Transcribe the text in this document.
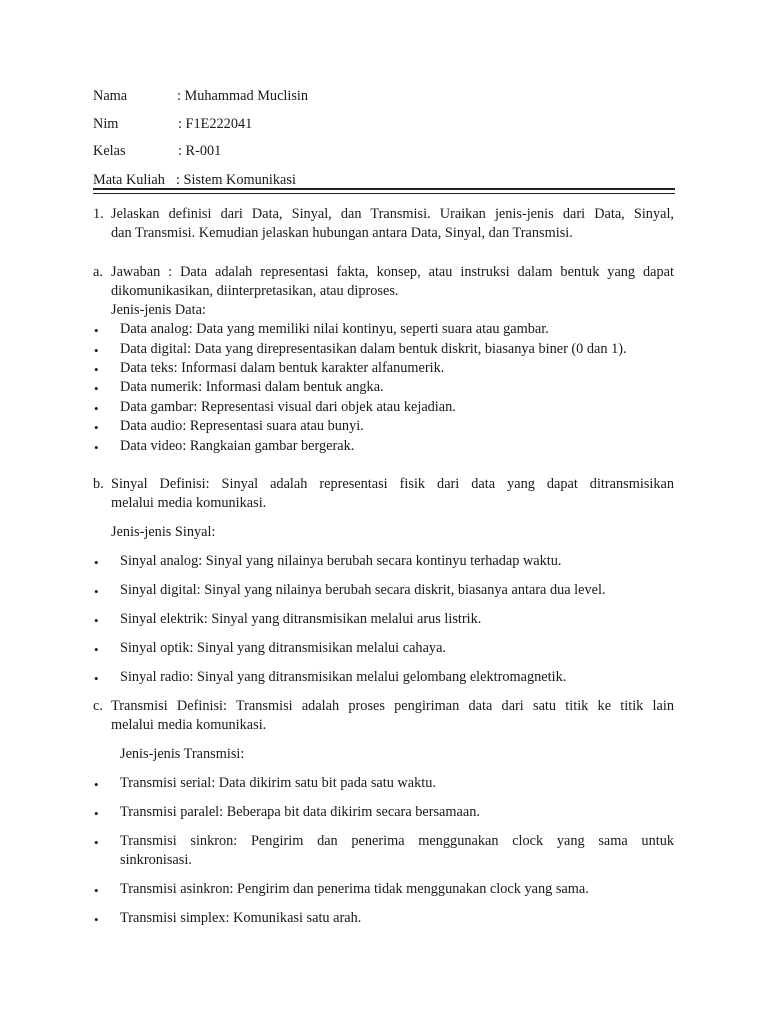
Nama	: Muhammad Muclisin
Nim	: F1E222041
Kelas	: R-001
Mata Kuliah : Sistem Komunikasi
1. Jelaskan definisi dari Data, Sinyal, dan Transmisi. Uraikan jenis-jenis dari Data, Sinyal,
dan Transmisi. Kemudian jelaskan hubungan antara Data, Sinyal, dan Transmisi.
a. Jawaban : Data adalah representasi fakta, konsep, atau instruksi dalam bentuk yang dapat
dikomunikasikan, diinterpretasikan, atau diproses.
Jenis-jenis Data:
• Data analog: Data yang memiliki nilai kontinyu, seperti suara atau gambar.
• Data digital: Data yang direpresentasikan dalam bentuk diskrit, biasanya biner (0 dan 1).
• Data teks: Informasi dalam bentuk karakter alfanumerik.
• Data numerik: Informasi dalam bentuk angka.
• Data gambar: Representasi visual dari objek atau kejadian.
• Data audio: Representasi suara atau bunyi.
• Data video: Rangkaian gambar bergerak.
b. Sinyal Definisi: Sinyal adalah representasi fisik dari data yang dapat ditransmisikan
melalui media komunikasi.
Jenis-jenis Sinyal:
• Sinyal analog: Sinyal yang nilainya berubah secara kontinyu terhadap waktu.
• Sinyal digital: Sinyal yang nilainya berubah secara diskrit, biasanya antara dua level.
• Sinyal elektrik: Sinyal yang ditransmisikan melalui arus listrik.
• Sinyal optik: Sinyal yang ditransmisikan melalui cahaya.
• Sinyal radio: Sinyal yang ditransmisikan melalui gelombang elektromagnetik.
c. Transmisi Definisi: Transmisi adalah proses pengiriman data dari satu titik ke titik lain
melalui media komunikasi.
Jenis-jenis Transmisi:
• Transmisi serial: Data dikirim satu bit pada satu waktu.
• Transmisi paralel: Beberapa bit data dikirim secara bersamaan.
• Transmisi sinkron: Pengirim dan penerima menggunakan clock yang sama untuk
sinkronisasi.
• Transmisi asinkron: Pengirim dan penerima tidak menggunakan clock yang sama.
• Transmisi simplex: Komunikasi satu arah.
